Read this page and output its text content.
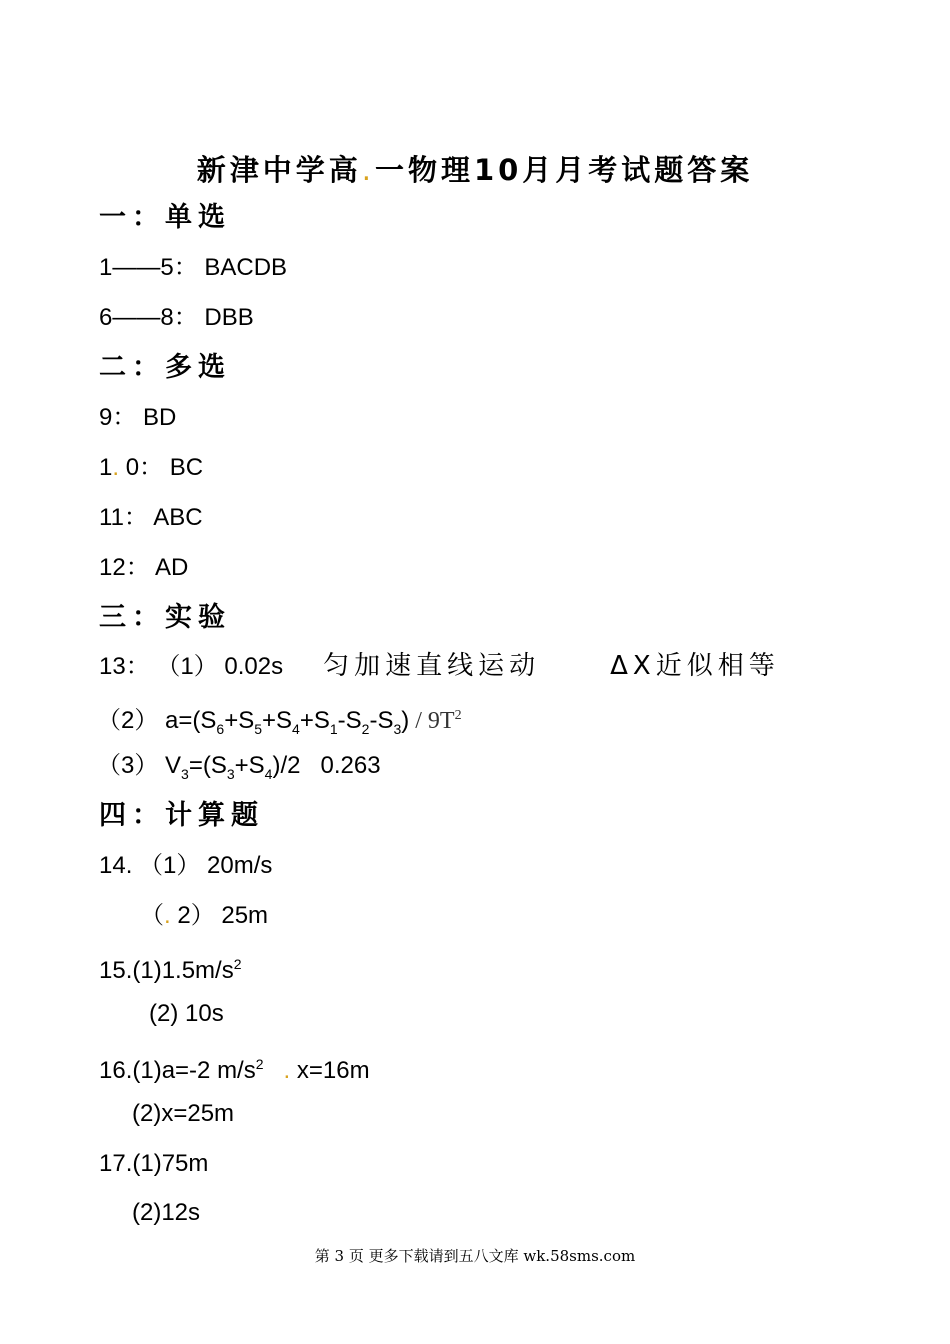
新津中学高.一物理10月月考试题答案
一：单选
1——5： BACDB
6——8： DBB
二：多选
9： BD
1. 0： BC
11： ABC
12： AD
三：实验
13： （1） 0.02s 匀加速直线运动	ΔX近似相等
（2） $a=(S_6+S_5+S_4+S_1-S_2-S_3) / 9T^2$
（3） $V_3=(S_3+S_4)/2$   0.263
四：计算题
14. （1） 20m/s
（. 2） 25m
$15.(1)1.5m/s^2$
(2) 10s
16.(1)a=-2 $m/s^2$ . x=16m
(2)x=25m
17.(1)75m
(2)12s
第 3 页 更多下载请到五八文库 wk.58sms.com
